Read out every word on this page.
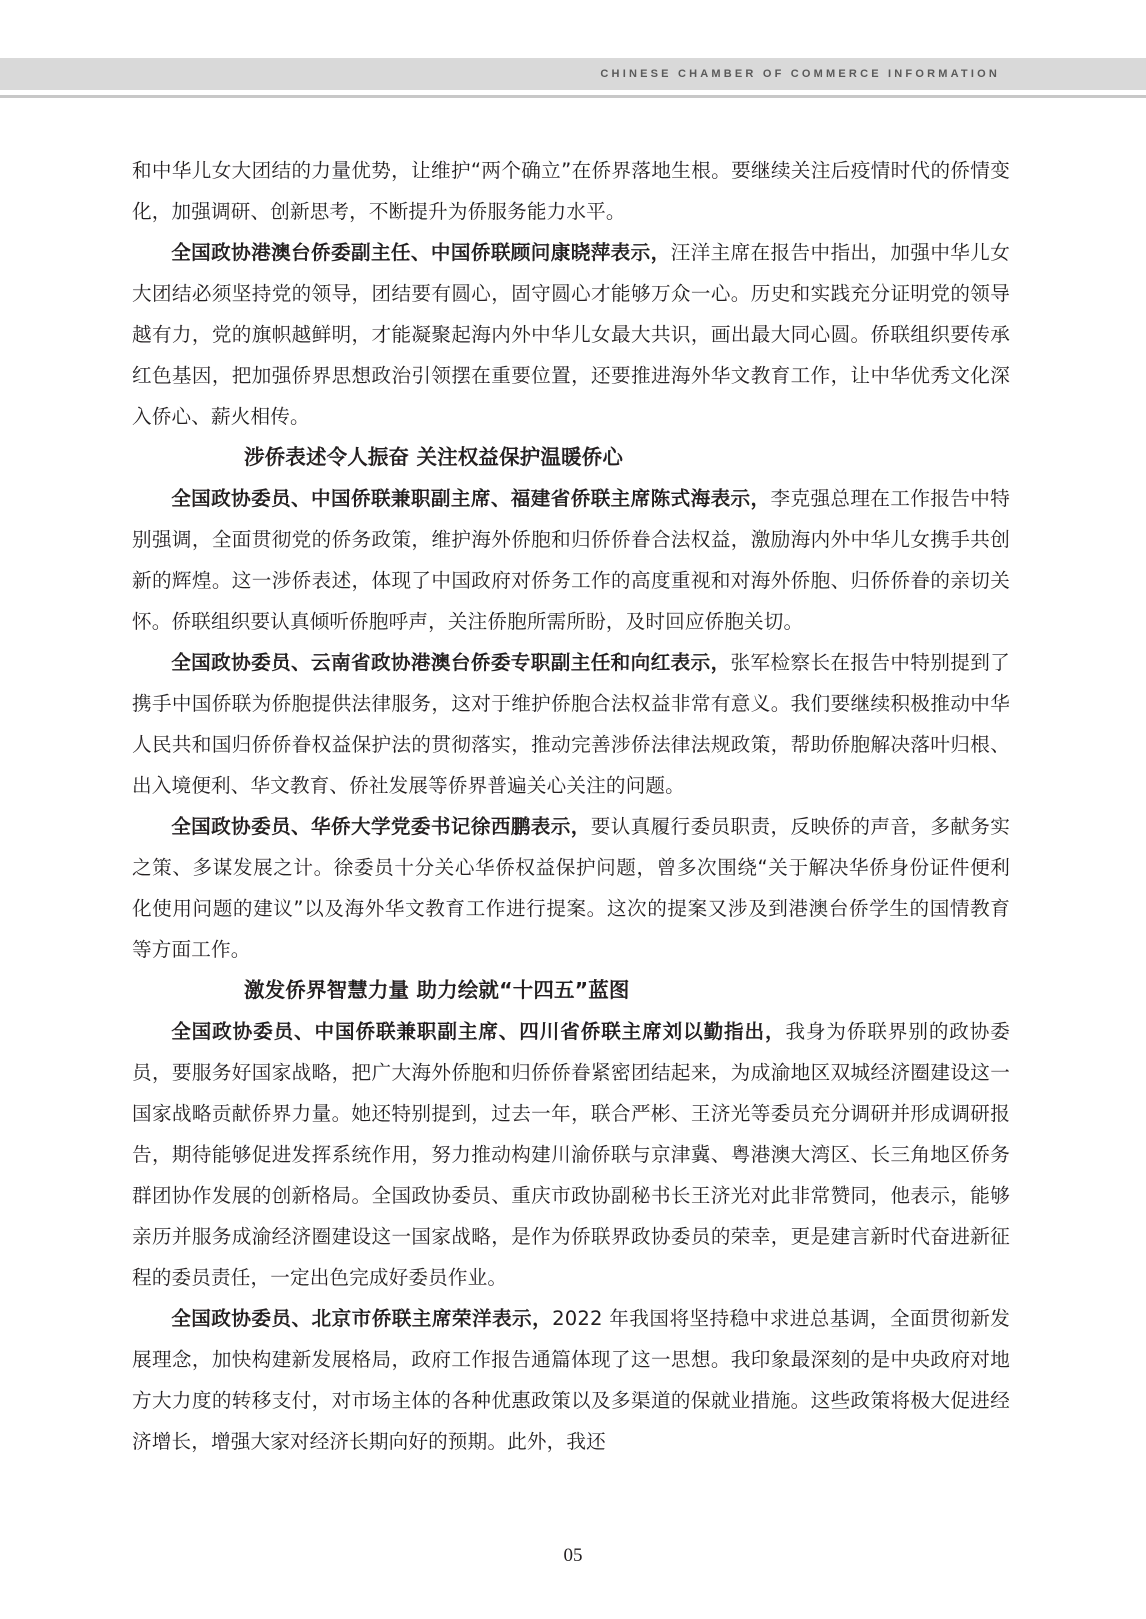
CHINESE CHAMBER OF COMMERCE INFORMATION

和中华儿女大团结的力量优势，让维护“两个确立”在侨界落地生根。要继续关注后疫情时代的侨情变化，加强调研、创新思考，不断提升为侨服务能力水平。

全国政协港澳台侨委副主任、中国侨联顾问康晓萍表示，汪洋主席在报告中指出，加强中华儿女大团结必须坚持党的领导，团结要有圆心，固守圆心才能够万众一心。历史和实践充分证明党的领导越有力，党的旗帜越鲜明，才能凝聚起海内外中华儿女最大共识，画出最大同心圆。侨联组织要传承红色基因，把加强侨界思想政治引领摆在重要位置，还要推进海外华文教育工作，让中华优秀文化深入侨心、薪火相传。

涉侨表述令人振奋 关注权益保护温暖侨心

全国政协委员、中国侨联兼职副主席、福建省侨联主席陈式海表示，李克强总理在工作报告中特别强调，全面贯彻党的侨务政策，维护海外侨胞和归侨侨眷合法权益，激励海内外中华儿女携手共创新的辉煌。这一涉侨表述，体现了中国政府对侨务工作的高度重视和对海外侨胞、归侨侨眷的亲切关怀。侨联组织要认真倾听侨胞呼声，关注侨胞所需所盼，及时回应侨胞关切。

全国政协委员、云南省政协港澳台侨委专职副主任和向红表示，张军检察长在报告中特别提到了携手中国侨联为侨胞提供法律服务，这对于维护侨胞合法权益非常有意义。我们要继续积极推动中华人民共和国归侨侨眷权益保护法的贯彻落实，推动完善涉侨法律法规政策，帮助侨胞解决落叶归根、出入境便利、华文教育、侨社发展等侨界普遍关心关注的问题。

全国政协委员、华侨大学党委书记徐西鹏表示，要认真履行委员职责，反映侨的声音，多献务实之策、多谋发展之计。徐委员十分关心华侨权益保护问题，曾多次围绕“关于解决华侨身份证件便利化使用问题的建议”以及海外华文教育工作进行提案。这次的提案又涉及到港澳台侨学生的国情教育等方面工作。

激发侨界智慧力量 助力绘就“十四五”蓝图

全国政协委员、中国侨联兼职副主席、四川省侨联主席刘以勤指出，我身为侨联界别的政协委员，要服务好国家战略，把广大海外侨胞和归侨侨眷紧密团结起来，为成渝地区双城经济圈建设这一国家战略贡献侨界力量。她还特别提到，过去一年，联合严彬、王济光等委员充分调研并形成调研报告，期待能够促进发挥系统作用，努力推动构建川渝侨联与京津冀、粤港澳大湾区、长三角地区侨务群团协作发展的创新格局。全国政协委员、重庆市政协副秘书长王济光对此非常赞同，他表示，能够亲历并服务成渝经济圈建设这一国家战略，是作为侨联界政协委员的荣幸，更是建言新时代奋进新征程的委员责任，一定出色完成好委员作业。

全国政协委员、北京市侨联主席荣洋表示，2022 年我国将坚持稳中求进总基调，全面贯彻新发展理念，加快构建新发展格局，政府工作报告通篇体现了这一思想。我印象最深刻的是中央政府对地方大力度的转移支付，对市场主体的各种优惠政策以及多渠道的保就业措施。这些政策将极大促进经济增长，增强大家对经济长期向好的预期。此外，我还

05
